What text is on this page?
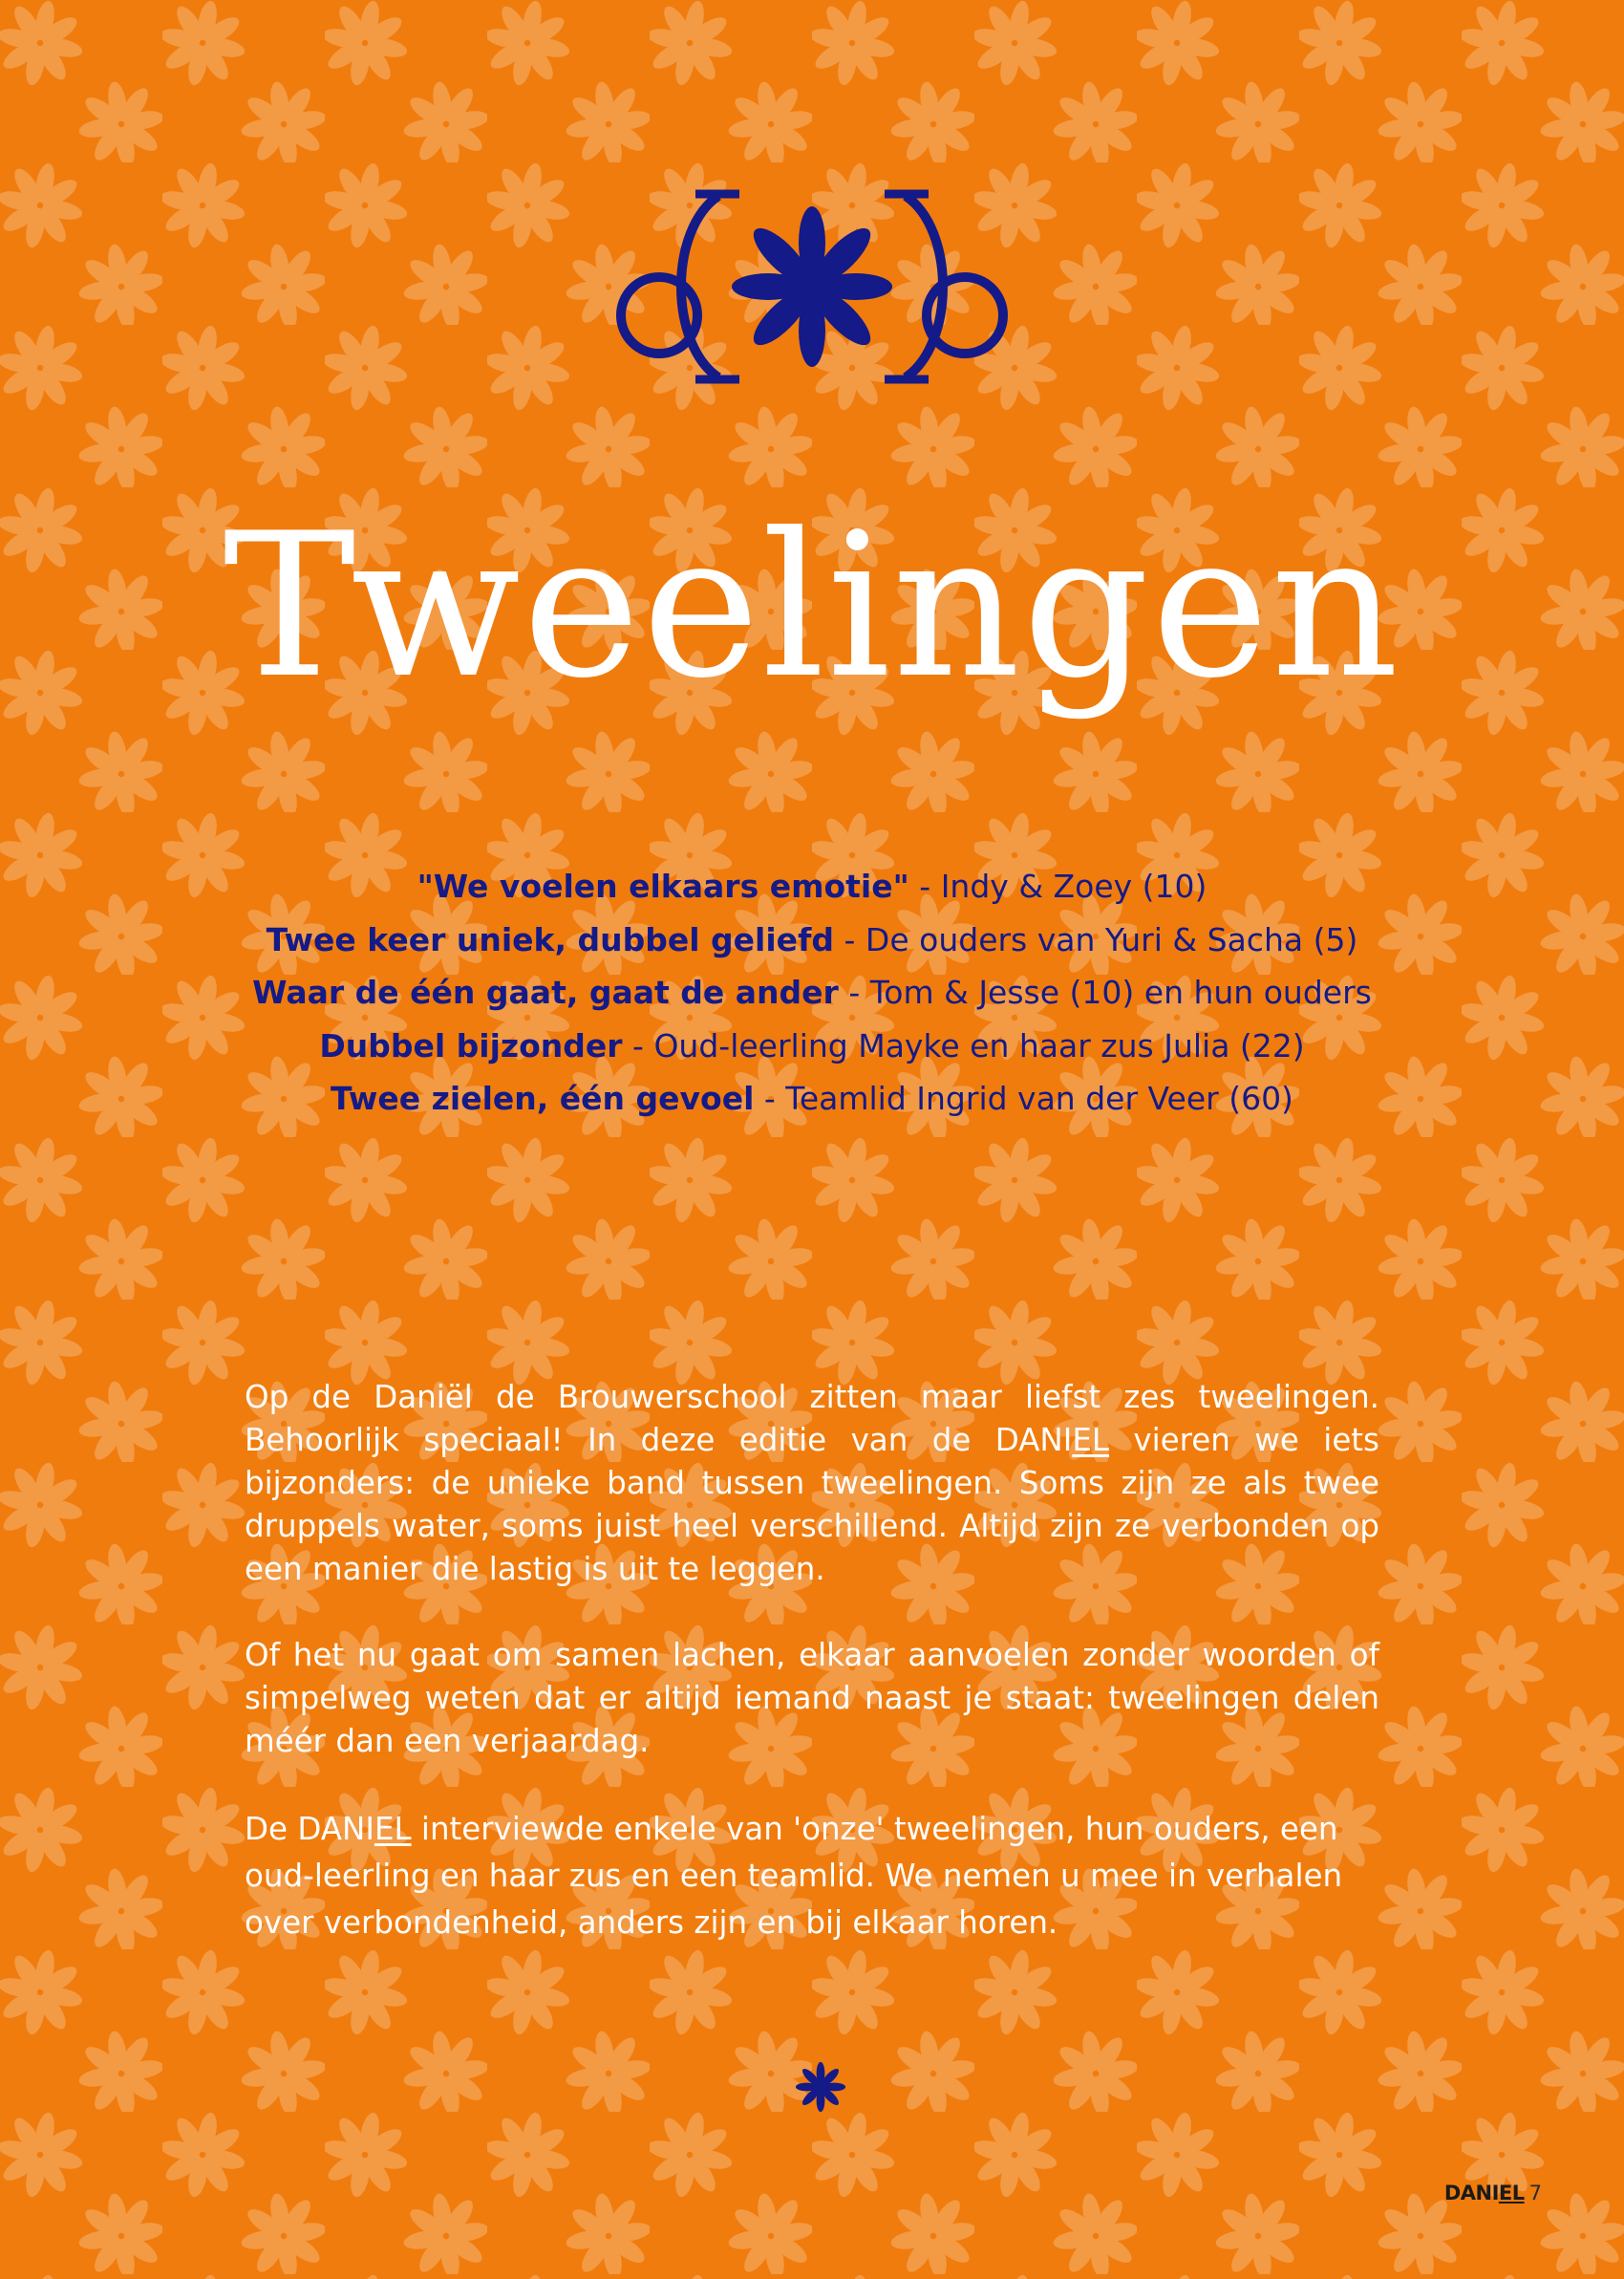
Tweelingen
"We voelen elkaars emotie" - Indy & Zoey (10)
Twee keer uniek, dubbel geliefd - De ouders van Yuri & Sacha (5)
Waar de één gaat, gaat de ander - Tom & Jesse (10) en hun ouders
Dubbel bijzonder - Oud-leerling Mayke en haar zus Julia (22)
Twee zielen, één gevoel - Teamlid Ingrid van der Veer (60)

Op de Daniël de Brouwerschool zitten maar liefst zes tweelingen. Behoorlijk speciaal! In deze editie van de DANIEL vieren we iets bijzonders: de unieke band tussen tweelingen. Soms zijn ze als twee druppels water, soms juist heel verschillend. Altijd zijn ze verbonden op een manier die lastig is uit te leggen.

Of het nu gaat om samen lachen, elkaar aanvoelen zonder woorden of simpelweg weten dat er altijd iemand naast je staat: tweelingen delen méér dan een verjaardag.

De DANIEL interviewde enkele van 'onze' tweelingen, hun ouders, een oud-leerling en haar zus en een teamlid. We nemen u mee in verhalen over verbondenheid, anders zijn en bij elkaar horen.

DANIEL 7
